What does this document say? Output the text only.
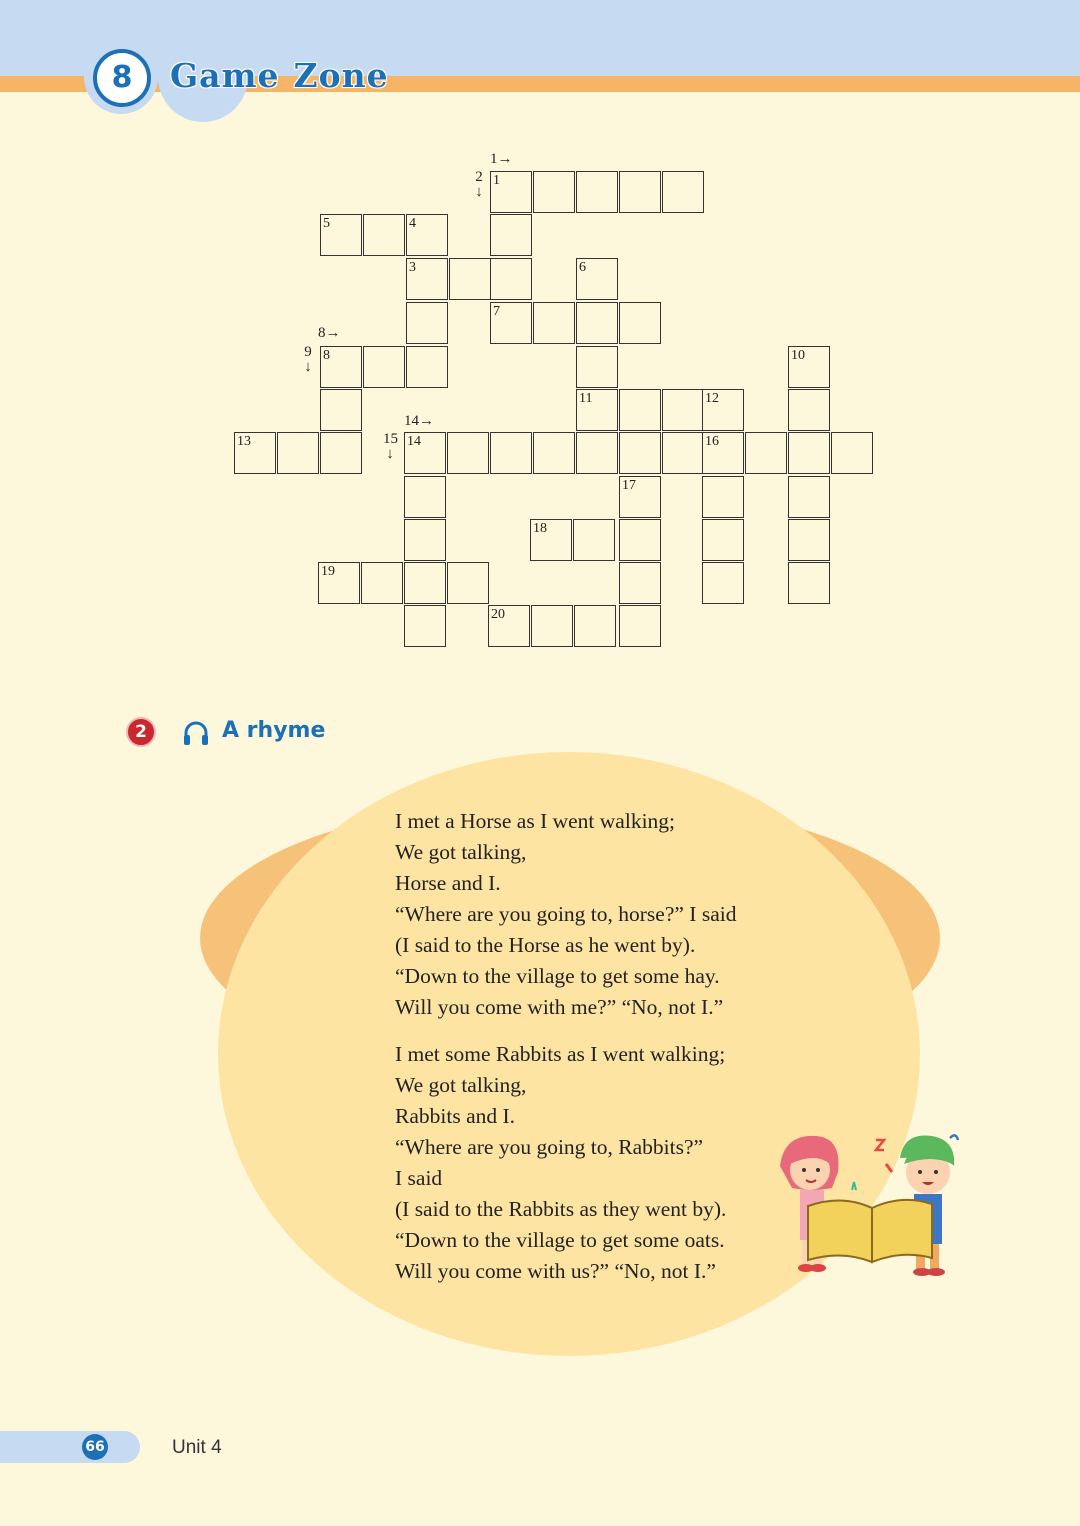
8	Game Zone
1
5	4
3	6
7
8	10
11	12
13	14	16
17
18
19
20
1→
2
↓
8→
9
↓
14→
15
↓
2	A rhyme
I met a Horse as I went walking;
We got talking,
Horse and I.
“Where are you going to, horse?” I said
(I said to the Horse as he went by).
“Down to the village to get some hay.
Will you come with me?” “No, not I.”
I met some Rabbits as I went walking;
We got talking,
Rabbits and I.
“Where are you going to, Rabbits?”
I said
(I said to the Rabbits as they went by).
“Down to the village to get some oats.
Will you come with us?” “No, not I.”
66	Unit 4
